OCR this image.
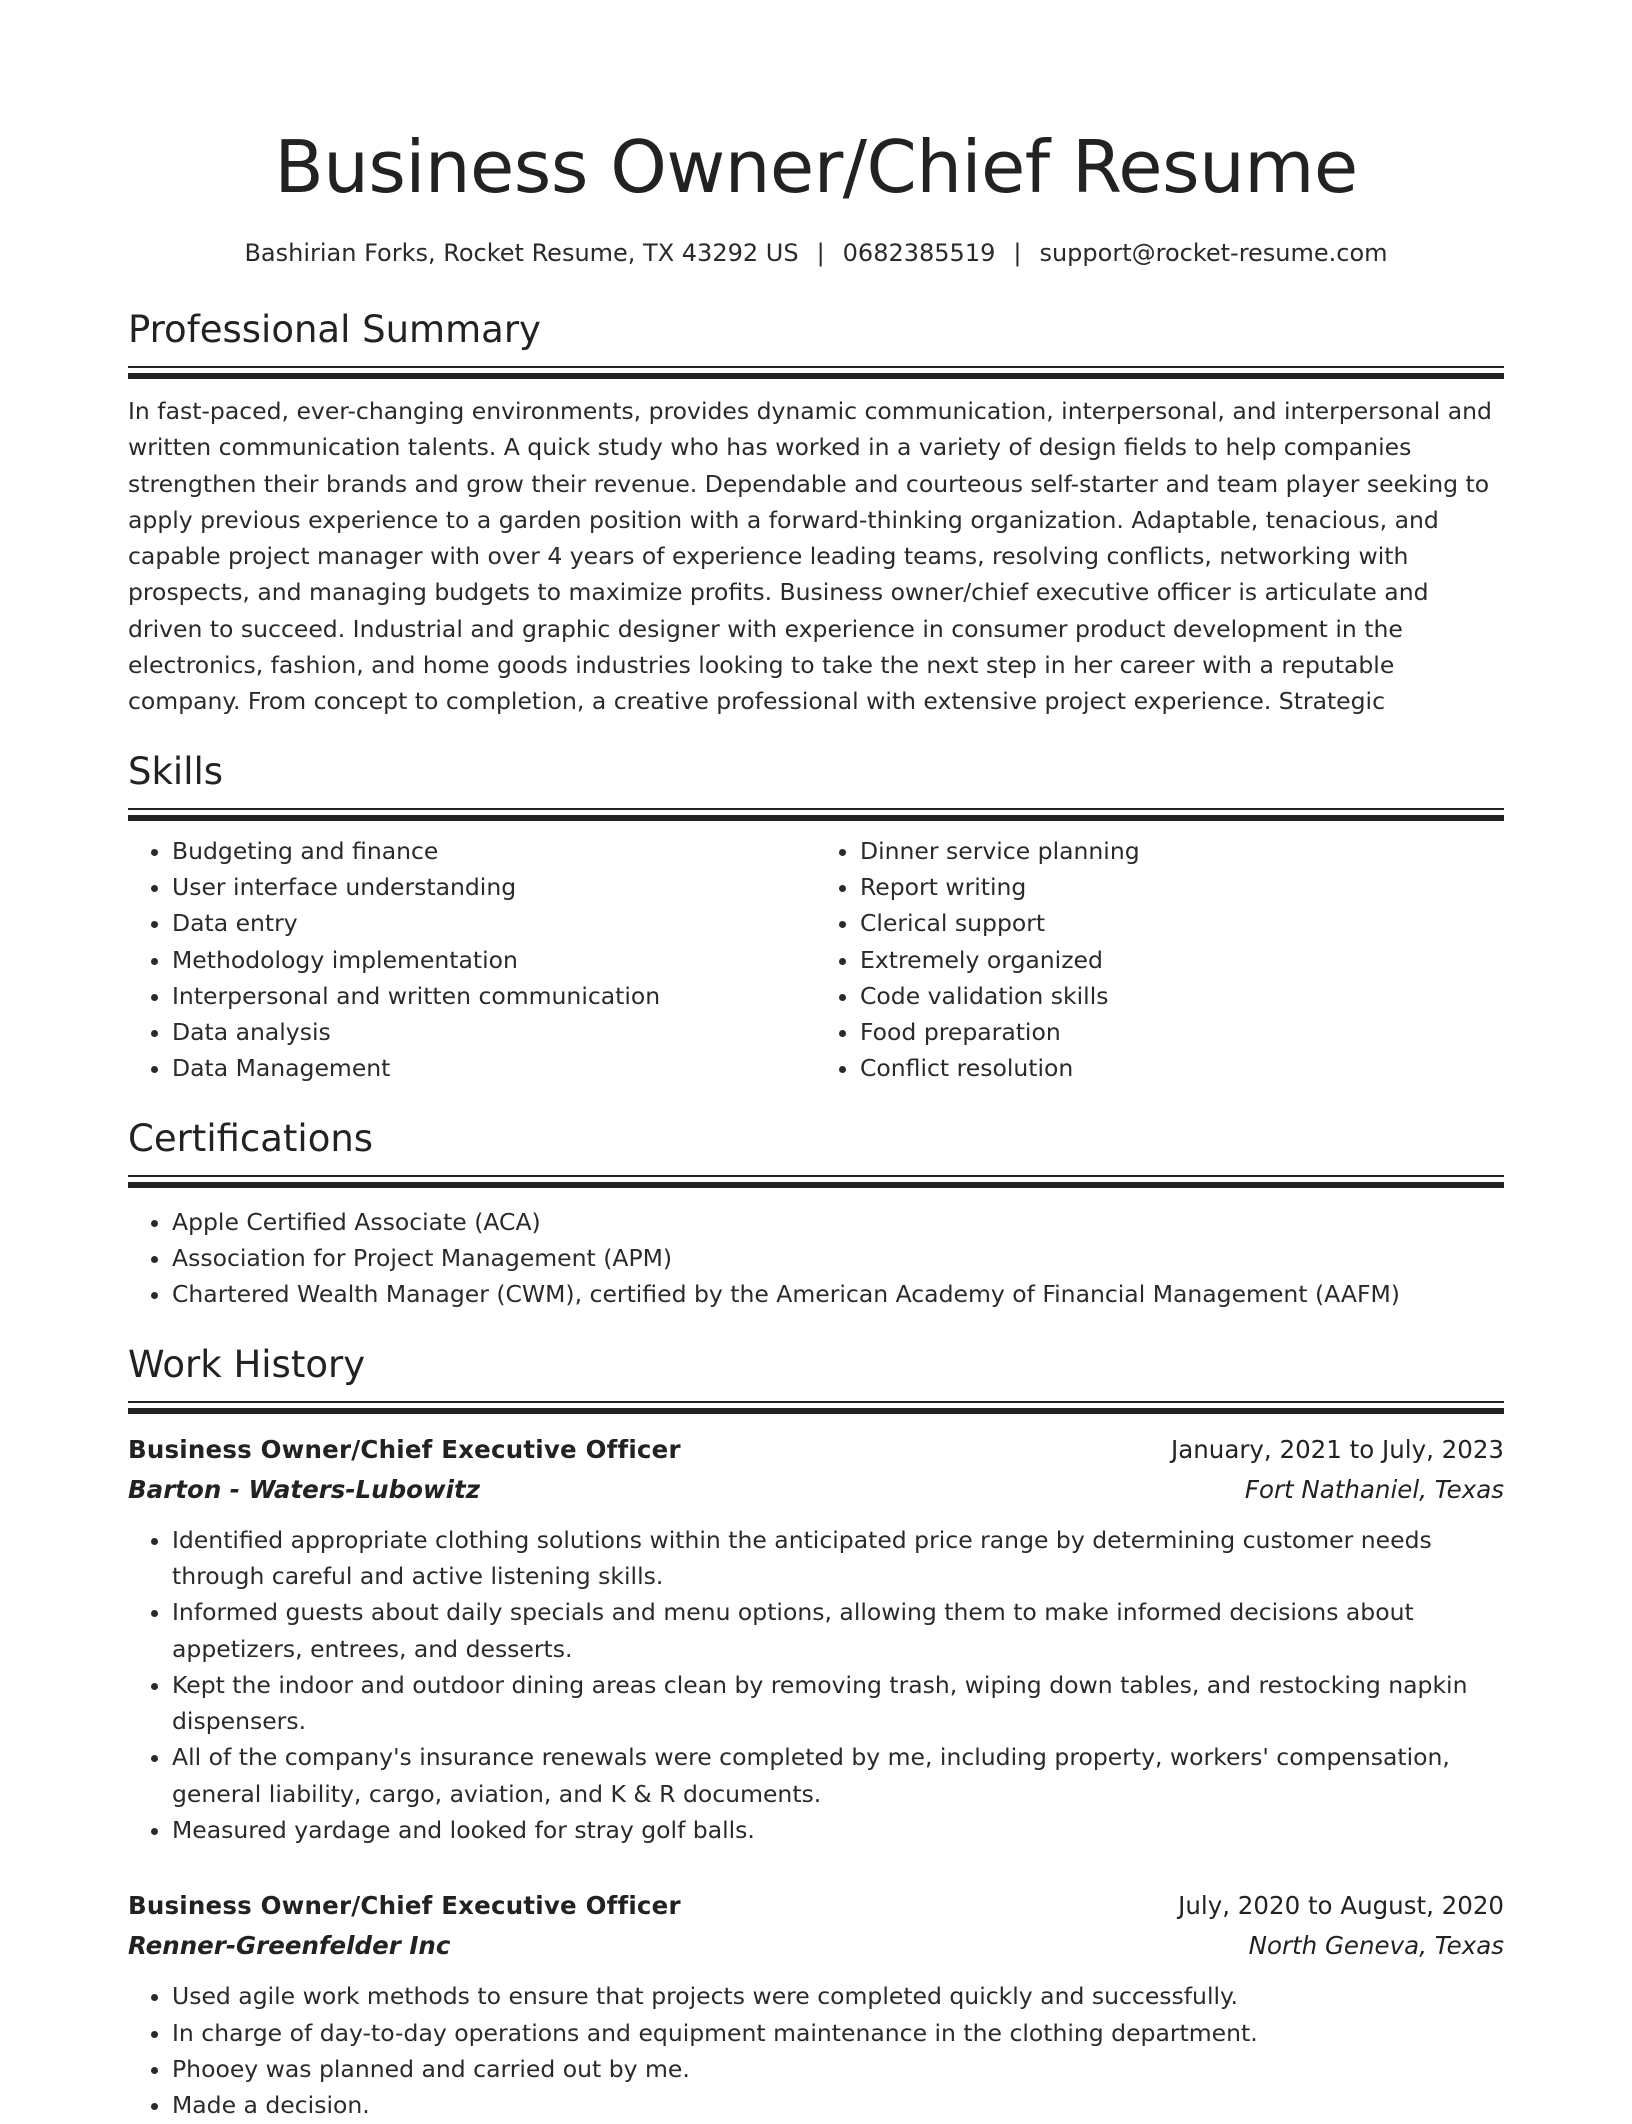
Business Owner/Chief Resume
Bashirian Forks, Rocket Resume, TX 43292 US | 0682385519 | support@rocket-resume.com
Professional Summary

In fast-paced, ever-changing environments, provides dynamic communication, interpersonal, and interpersonal and written communication talents. A quick study who has worked in a variety of design fields to help companies strengthen their brands and grow their revenue. Dependable and courteous self-starter and team player seeking to apply previous experience to a garden position with a forward-thinking organization. Adaptable, tenacious, and capable project manager with over 4 years of experience leading teams, resolving conflicts, networking with prospects, and managing budgets to maximize profits. Business owner/chief executive officer is articulate and driven to succeed. Industrial and graphic designer with experience in consumer product development in the electronics, fashion, and home goods industries looking to take the next step in her career with a reputable company. From concept to completion, a creative professional with extensive project experience. Strategic

Skills
• Budgeting and finance
• User interface understanding
• Data entry
• Methodology implementation
• Interpersonal and written communication
• Data analysis
• Data Management
• Dinner service planning
• Report writing
• Clerical support
• Extremely organized
• Code validation skills
• Food preparation
• Conflict resolution
Certifications
• Apple Certified Associate (ACA)
• Association for Project Management (APM)
• Chartered Wealth Manager (CWM), certified by the American Academy of Financial Management (AAFM)
Work History
Business Owner/Chief Executive Officer	January, 2021 to July, 2023
Barton - Waters-Lubowitz	Fort Nathaniel, Texas
• Identified appropriate clothing solutions within the anticipated price range by determining customer needs through careful and active listening skills.
• Informed guests about daily specials and menu options, allowing them to make informed decisions about appetizers, entrees, and desserts.
• Kept the indoor and outdoor dining areas clean by removing trash, wiping down tables, and restocking napkin dispensers.
• All of the company's insurance renewals were completed by me, including property, workers' compensation, general liability, cargo, aviation, and K & R documents.
• Measured yardage and looked for stray golf balls.
Business Owner/Chief Executive Officer	July, 2020 to August, 2020
Renner-Greenfelder Inc	North Geneva, Texas
• Used agile work methods to ensure that projects were completed quickly and successfully.
• In charge of day-to-day operations and equipment maintenance in the clothing department.
• Phooey was planned and carried out by me.
• Made a decision.
